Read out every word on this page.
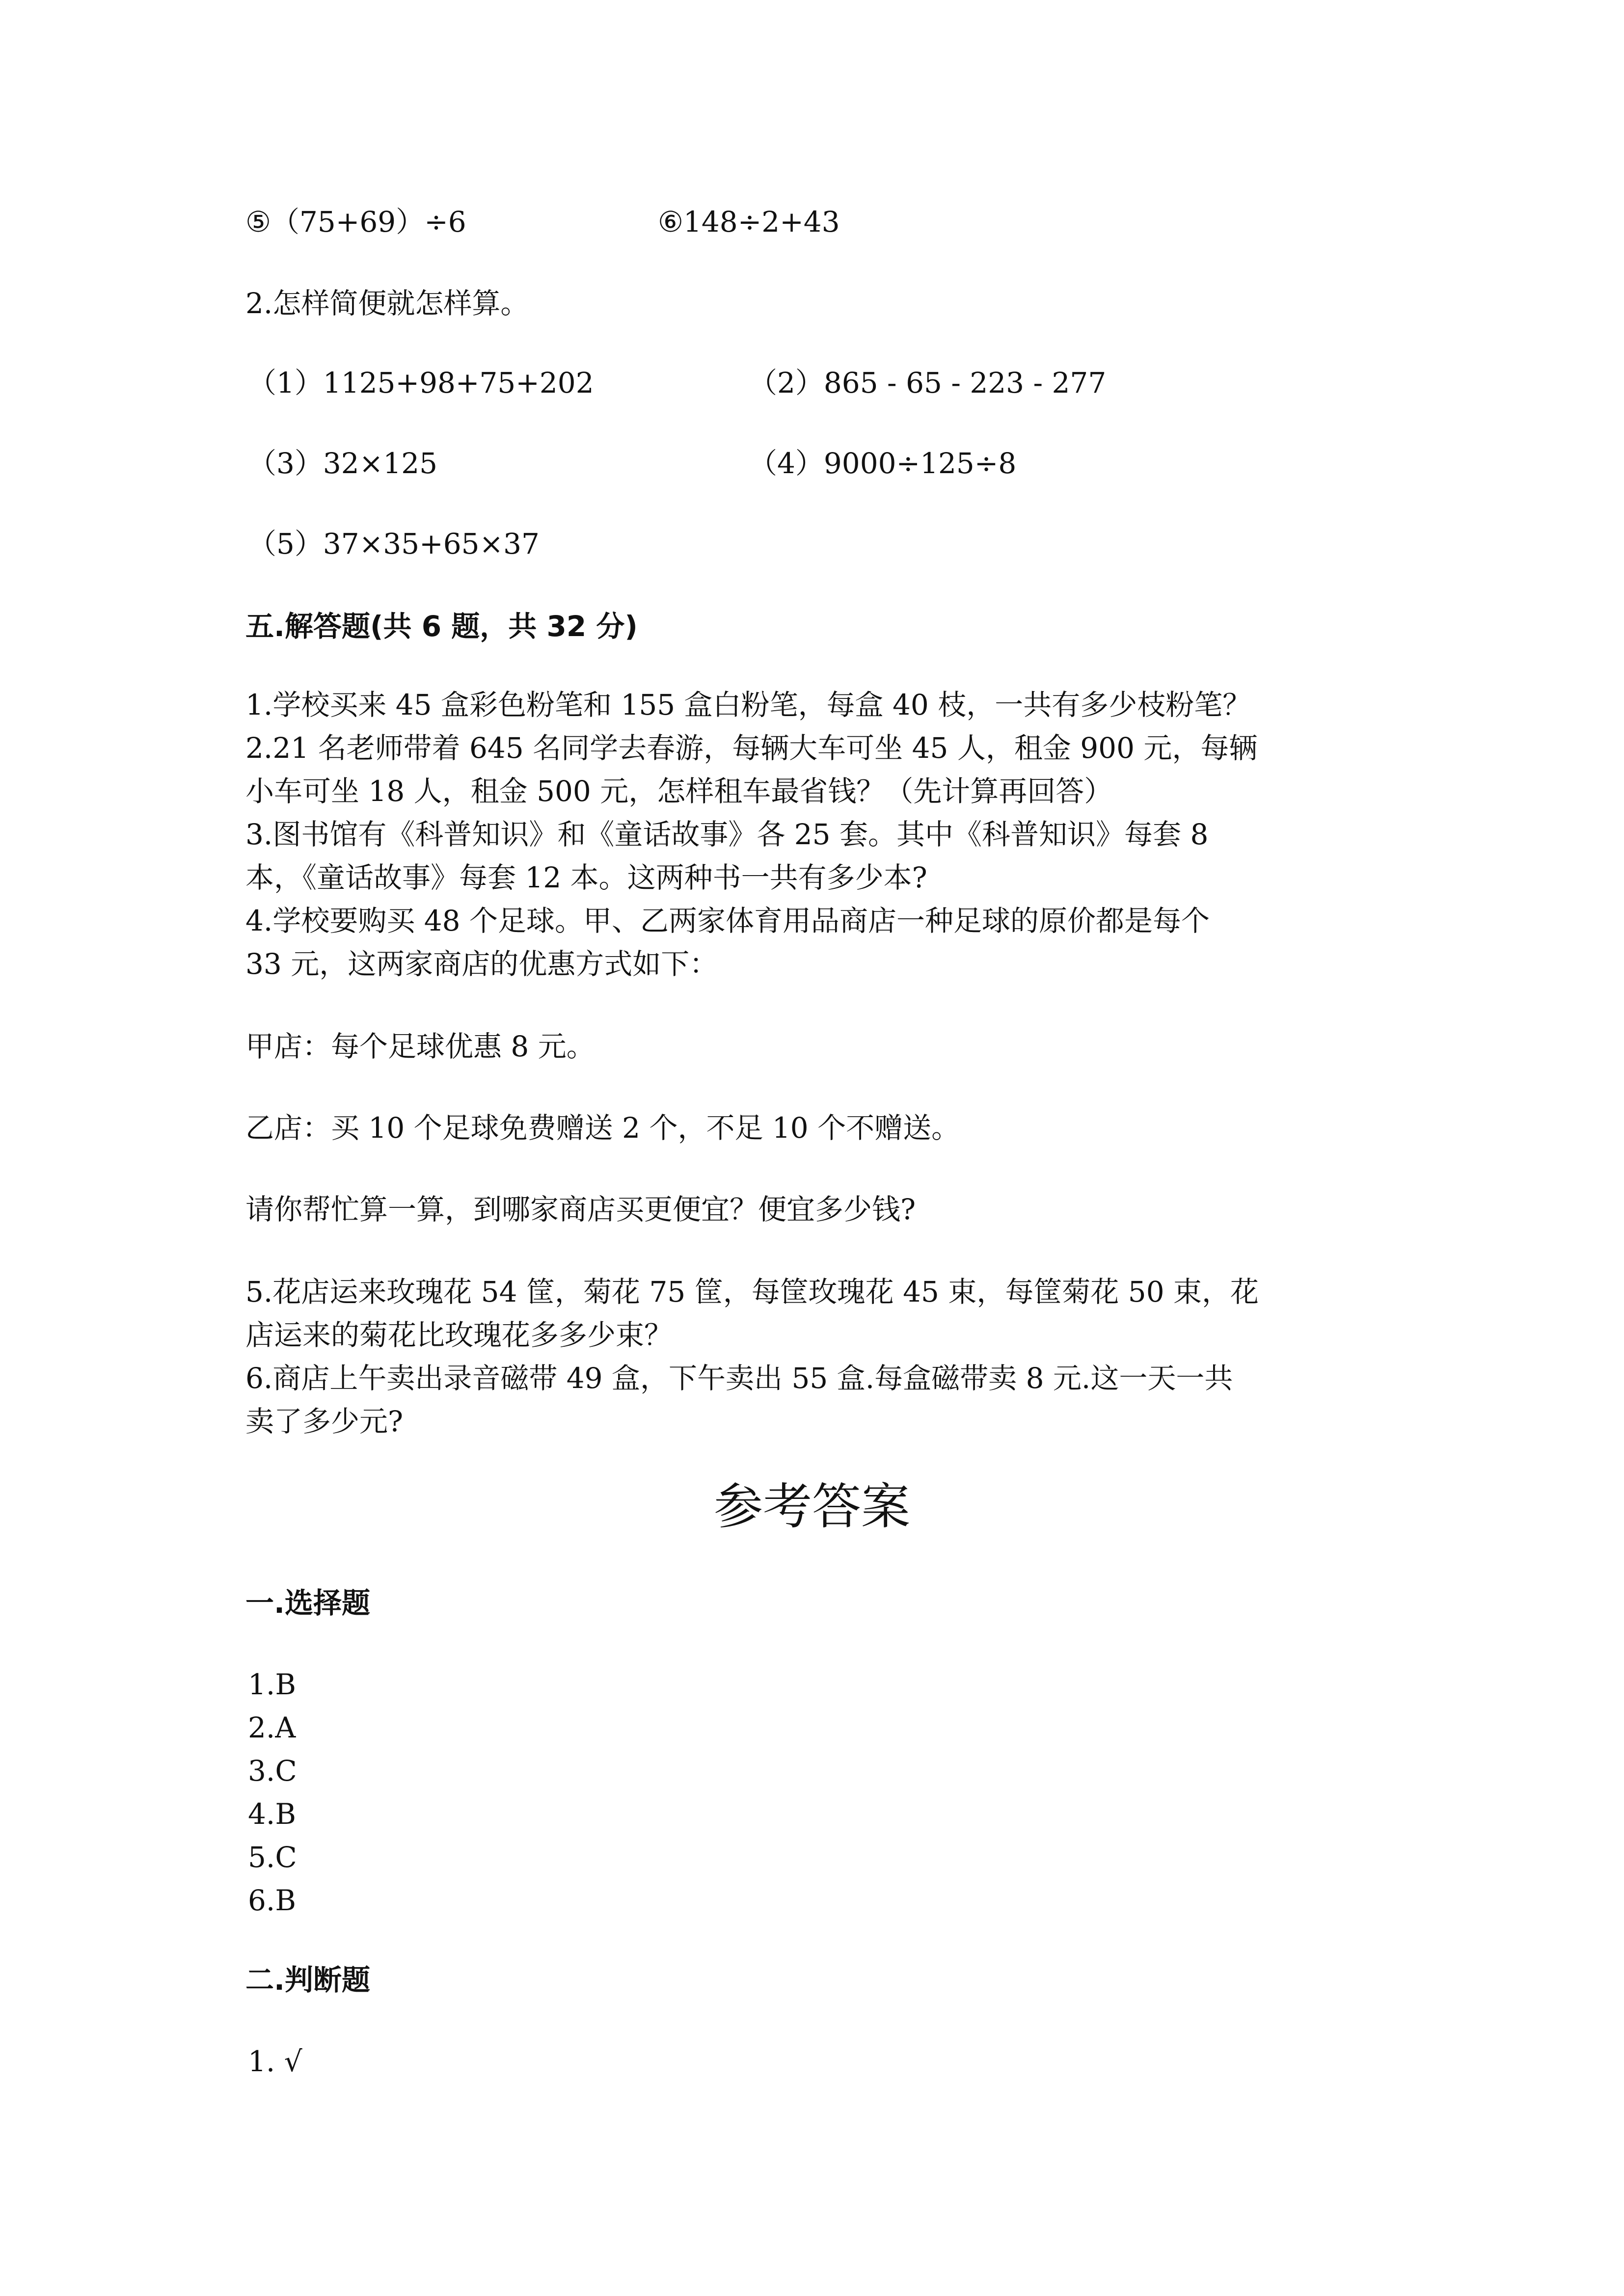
⑤（75+69）÷6	⑥148÷2+43
2.怎样简便就怎样算。
（1）1125+98+75+202	（2）865 - 65 - 223 - 277
（3）32×125	（4）9000÷125÷8
（5）37×35+65×37
五.解答题(共 6 题，共 32 分)
1.学校买来 45 盒彩色粉笔和 155 盒白粉笔，每盒 40 枝，一共有多少枝粉笔？
2.21 名老师带着 645 名同学去春游，每辆大车可坐 45 人，租金 900 元，每辆
小车可坐 18 人，租金 500 元，怎样租车最省钱？（先计算再回答）
3.图书馆有《科普知识》和《童话故事》各 25 套。其中《科普知识》每套 8
本，《童话故事》每套 12 本。这两种书一共有多少本?
4.学校要购买 48 个足球。甲、乙两家体育用品商店一种足球的原价都是每个
33 元，这两家商店的优惠方式如下：
甲店：每个足球优惠 8 元。
乙店：买 10 个足球免费赠送 2 个，不足 10 个不赠送。
请你帮忙算一算，到哪家商店买更便宜？便宜多少钱?
5.花店运来玫瑰花 54 筐，菊花 75 筐，每筐玫瑰花 45 束，每筐菊花 50 束，花
店运来的菊花比玫瑰花多多少束？
6.商店上午卖出录音磁带 49 盒，下午卖出 55 盒.每盒磁带卖 8 元.这一天一共
卖了多少元?
参考答案
一.选择题
1.B
2.A
3.C
4.B
5.C
6.B
二.判断题
1. √
